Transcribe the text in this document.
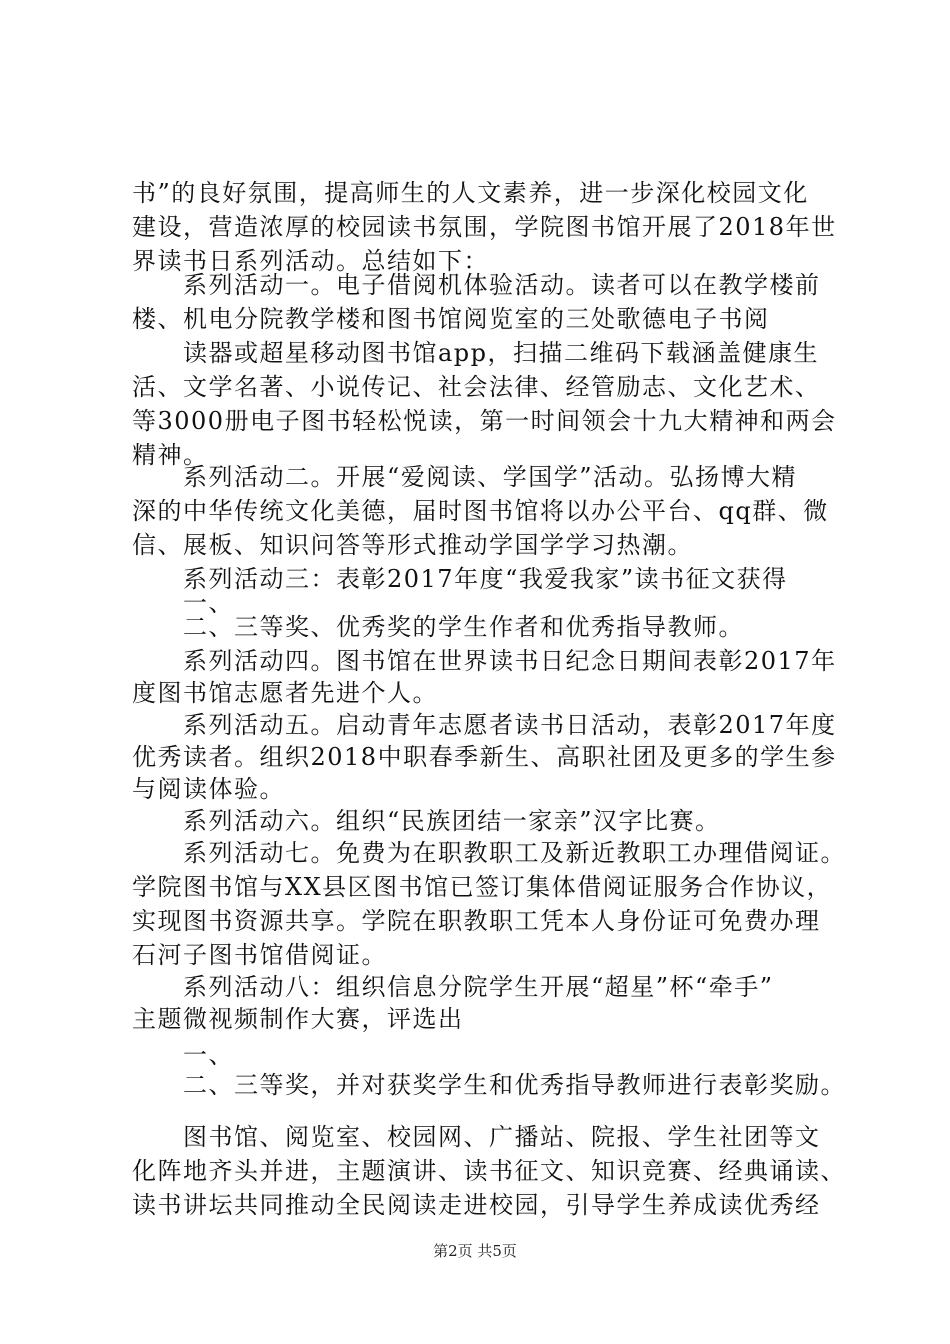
书”的良好氛围，提高师生的人文素养，进一步深化校园文化
建设，营造浓厚的校园读书氛围，学院图书馆开展了2018年世
界读书日系列活动。总结如下：
　　系列活动一。电子借阅机体验活动。读者可以在教学楼前
楼、机电分院教学楼和图书馆阅览室的三处歌德电子书阅
　　读器或超星移动图书馆app，扫描二维码下载涵盖健康生
活、文学名著、小说传记、社会法律、经管励志、文化艺术、
等3000册电子图书轻松悦读，第一时间领会十九大精神和两会
精神。
　　系列活动二。开展“爱阅读、学国学”活动。弘扬博大精
深的中华传统文化美德，届时图书馆将以办公平台、qq群、微
信、展板、知识问答等形式推动学国学学习热潮。
　　系列活动三：表彰2017年度“我爱我家”读书征文获得
　　一、
　　二、三等奖、优秀奖的学生作者和优秀指导教师。
　　系列活动四。图书馆在世界读书日纪念日期间表彰2017年
度图书馆志愿者先进个人。
　　系列活动五。启动青年志愿者读书日活动，表彰2017年度
优秀读者。组织2018中职春季新生、高职社团及更多的学生参
与阅读体验。
　　系列活动六。组织“民族团结一家亲”汉字比赛。
　　系列活动七。免费为在职教职工及新近教职工办理借阅证。
学院图书馆与XX县区图书馆已签订集体借阅证服务合作协议，
实现图书资源共享。学院在职教职工凭本人身份证可免费办理
石河子图书馆借阅证。
　　系列活动八：组织信息分院学生开展“超星”杯“牵手”
主题微视频制作大赛，评选出
　　一、
　　二、三等奖，并对获奖学生和优秀指导教师进行表彰奖励。
　　图书馆、阅览室、校园网、广播站、院报、学生社团等文
化阵地齐头并进，主题演讲、读书征文、知识竞赛、经典诵读、
读书讲坛共同推动全民阅读走进校园，引导学生养成读优秀经
第2页 共5页
